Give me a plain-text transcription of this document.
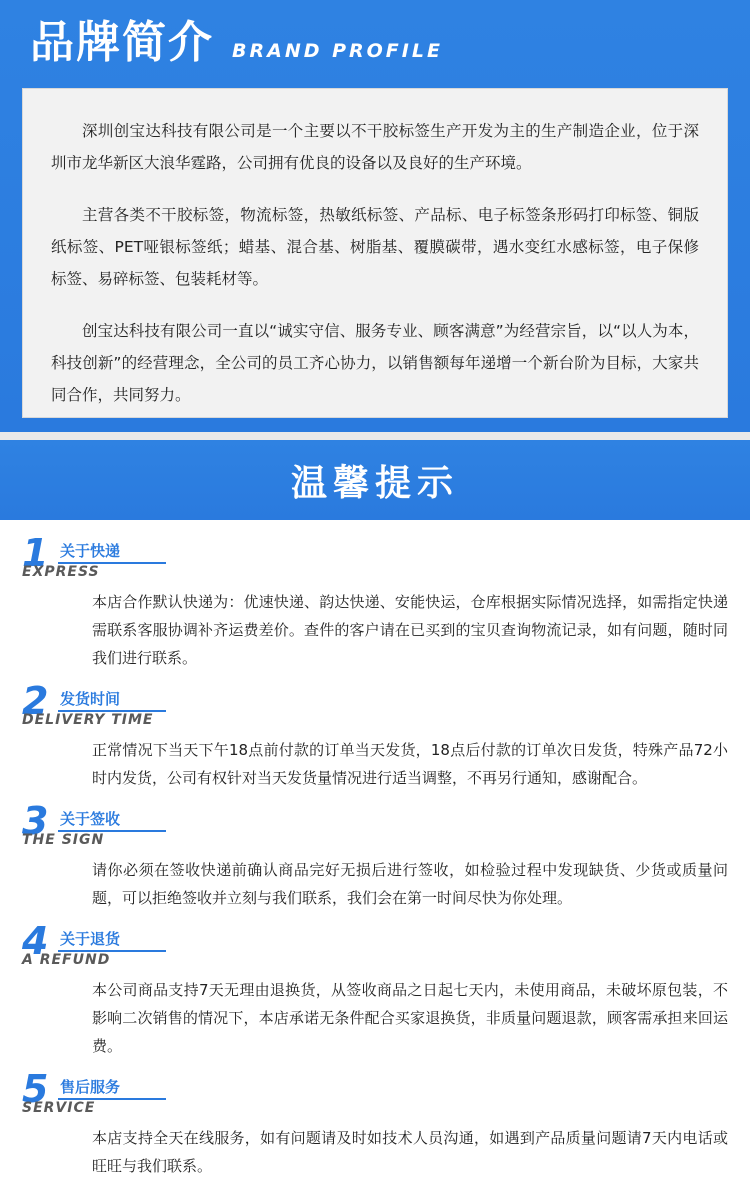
品牌简介 BRAND PROFILE

深圳创宝达科技有限公司是一个主要以不干胶标签生产开发为主的生产制造企业，位于深圳市龙华新区大浪华霆路，公司拥有优良的设备以及良好的生产环境。

主营各类不干胶标签，物流标签，热敏纸标签、产品标、电子标签条形码打印标签、铜版纸标签、PET哑银标签纸；蜡基、混合基、树脂基、覆膜碳带，遇水变红水感标签，电子保修标签、易碎标签、包装耗材等。

创宝达科技有限公司一直以“诚实守信、服务专业、顾客满意”为经营宗旨，以“以人为本，科技创新”的经营理念，全公司的员工齐心协力，以销售额每年递增一个新台阶为目标，大家共同合作，共同努力。

温馨提示
1 关于快递
EXPRESS

本店合作默认快递为：优速快递、韵达快递、安能快运，仓库根据实际情况选择，如需指定快递需联系客服协调补齐运费差价。查件的客户请在已买到的宝贝查询物流记录，如有问题，随时同我们进行联系。

2 发货时间
DELIVERY TIME

正常情况下当天下午18点前付款的订单当天发货，18点后付款的订单次日发货，特殊产品72小时内发货，公司有权针对当天发货量情况进行适当调整，不再另行通知，感谢配合。

3 关于签收
THE SIGN

请你必须在签收快递前确认商品完好无损后进行签收，如检验过程中发现缺货、少货或质量问题，可以拒绝签收并立刻与我们联系，我们会在第一时间尽快为你处理。

4 关于退货
A REFUND

本公司商品支持7天无理由退换货，从签收商品之日起七天内，未使用商品，未破坏原包装，不影响二次销售的情况下，本店承诺无条件配合买家退换货，非质量问题退款，顾客需承担来回运费。

5 售后服务
SERVICE

本店支持全天在线服务，如有问题请及时如技术人员沟通，如遇到产品质量问题请7天内电话或旺旺与我们联系。
